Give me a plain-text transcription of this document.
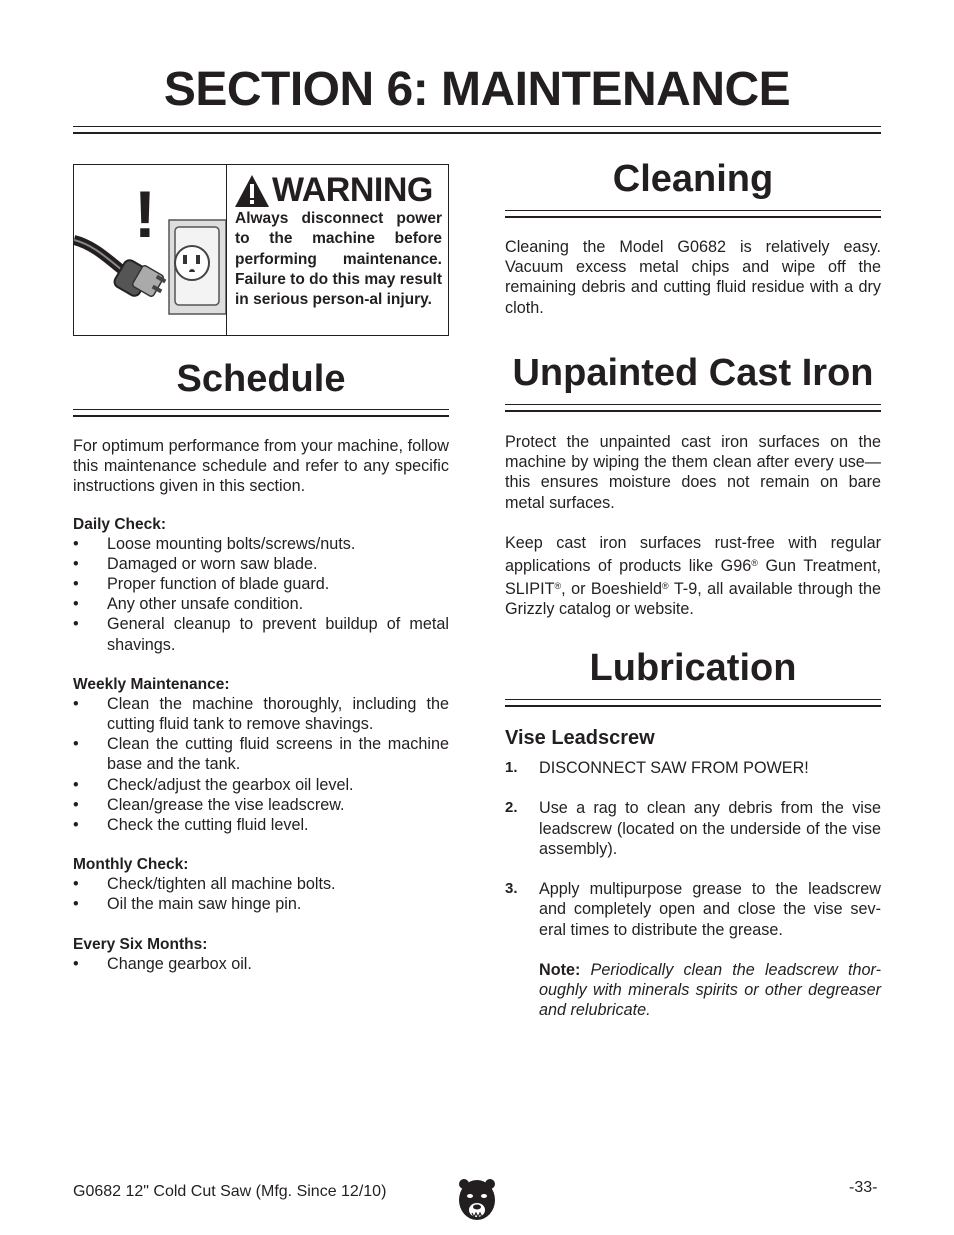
SECTION 6: MAINTENANCE
!	WARNING
Always disconnect power to the machine before performing maintenance. Failure to do this may result in serious person-al injury.
Schedule

For optimum performance from your machine, follow this maintenance schedule and refer to any specific instructions given in this section.

Daily Check:
• Loose mounting bolts/screws/nuts.
• Damaged or worn saw blade.
• Proper function of blade guard.
• Any other unsafe condition.
• General cleanup to prevent buildup of metal shavings.
Weekly Maintenance:
• Clean the machine thoroughly, including the cutting fluid tank to remove shavings.
• Clean the cutting fluid screens in the machine base and the tank.
• Check/adjust the gearbox oil level.
• Clean/grease the vise leadscrew.
• Check the cutting fluid level.
Monthly Check:
• Check/tighten all machine bolts.
• Oil the main saw hinge pin.
Every Six Months:
• Change gearbox oil.
Cleaning

Cleaning the Model G0682 is relatively easy. Vacuum excess metal chips and wipe off the remaining debris and cutting fluid residue with a dry cloth.

Unpainted Cast Iron

Protect the unpainted cast iron surfaces on the machine by wiping the them clean after every use—this ensures moisture does not remain on bare metal surfaces.

Keep cast iron surfaces rust-free with regular applications of products like G96® Gun Treatment, SLIPIT®, or Boeshield® T-9, all available through the Grizzly catalog or website.

Lubrication
Vise Leadscrew
1. DISCONNECT SAW FROM POWER!
2. Use a rag to clean any debris from the vise leadscrew (located on the underside of the vise assembly).
3. Apply multipurpose grease to the leadscrew and completely open and close the vise sev-eral times to distribute the grease.

Note: Periodically clean the leadscrew thor-oughly with minerals spirits or other degreaser and relubricate.

G0682 12" Cold Cut Saw (Mfg. Since 12/10)	-33-
